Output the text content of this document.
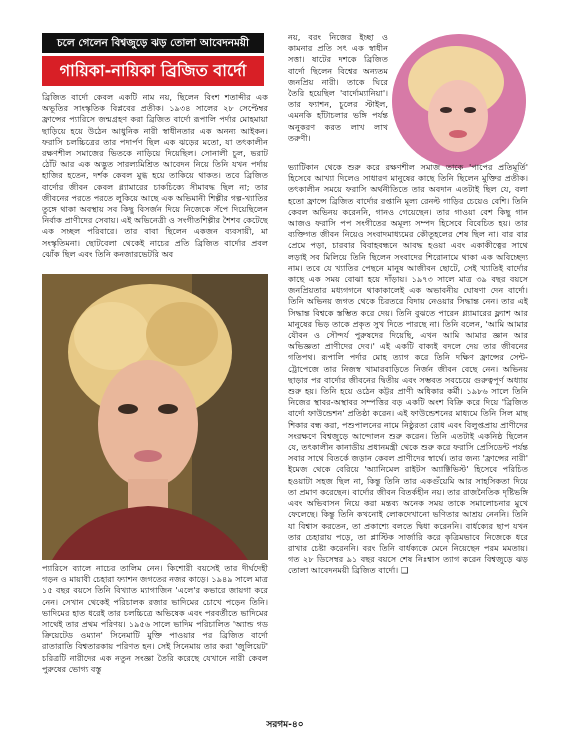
চলে গেলেন বিশ্বজুড়ে ঝড় তোলা আবেদনময়ী
গায়িকা-নায়িকা ব্রিজিত বার্দো

ব্রিজিত বার্দো কেবল একটি নাম নয়, ছিলেন বিংশ শতাব্দীর এক অভূতির সাংস্কৃতিক বিপ্লবের প্রতীক। ১৯৩৪ সালের ২৮ সেপ্টেম্বর ফ্রান্সের প্যারিসে জন্মগ্রহণ করা ব্রিজিত বার্দো রূপালি পর্দার মোহমায়া ছাড়িয়ে হয়ে উঠেন আধুনিক নারী স্বাধীনতার এক অনন্য আইকন। ফরাসি চলচ্চিত্রের তার পদার্পণ ছিল এক ঝড়ের মতো, যা তৎকালীন রক্ষণশীল সমাজের ভিতকে নাড়িয়ে দিয়েছিল। সোনালী চুল, ভরাট ঠোঁট আর এক অদ্ভুত সারল্যমিশ্রিত আবেদন নিয়ে তিনি যখন পর্দায় হাজির হতেন, দর্শক কেবল মুগ্ধ হয়ে তাকিয়ে থাকত। তবে ব্রিজিত বার্দোর জীবন কেবল গ্ল্যামারের চাকচিক্যে সীমাবদ্ধ ছিল না; তার জীবনের পরতে পরতে লুকিয়ে আছে এক অভিমানী শিল্পীর গল্প-খ্যাতির তুঙ্গে থাকা অবস্থায় সব কিছু বিসর্জন দিয়ে নিজেকে সঁপে দিয়েছিলেন নির্বাক প্রাণীদের সেবায়। এই অভিনেত্রী ও সংগীতশিল্পীর শৈশব কেটেছে এক সচ্ছল পরিবারে। তার বাবা ছিলেন একজন ব্যবসায়ী, মা সংস্কৃতিমনা। ছোটবেলা থেকেই নাচের প্রতি ব্রিজিত বার্দোর প্রবল ঝোঁক ছিল এবং তিনি কনজারভেটরি অব

প্যারিসে ব্যালে নাচের তালিম নেন। কিশোরী বয়সেই তার দীর্ঘদেহী গড়ন ও মায়াবী চেহারা ফ্যাশন জগতের নজর কাড়ে। ১৯৪৯ সালে মাত্র ১৫ বছর বয়সে তিনি বিখ্যাত ম্যাগাজিন 'এলে'র কভারে জায়গা করে নেন। সেখান থেকেই পরিচালক রজার ভাদিমের চোখে পড়েন তিনি। ভাদিমের হাত ধরেই তার চলচ্চিত্রে অভিষেক এবং পরবর্তীতে ভাদিমের সাথেই তার প্রথম পরিণয়। ১৯৫৬ সালে ভাদিম পরিচালিত 'অ্যান্ড গড ক্রিয়েটেড ওম্যান' সিনেমাটি মুক্তি পাওয়ার পর ব্রিজিত বার্দো রাতারাতি বিশ্বতারকায় পরিণত হন। সেই সিনেমায় তার করা 'জুলিয়েট' চরিত্রটি নারীদের এক নতুন সংজ্ঞা তৈরি করেছে যেখানে নারী কেবল পুরুষের ভোগ্য বস্তু

নয়, বরং নিজের ইচ্ছা ও কামনার প্রতি সৎ এক স্বাধীন সত্তা। ষাটের দশকে ব্রিজিত বার্দো ছিলেন বিশ্বের অন্যতম জনপ্রিয় নারী। তাকে ঘিরে তৈরি হয়েছিল 'বার্দোম্যানিয়া'। তার ফ্যাশন, চুলের স্টাইল, এমনকি হাঁটাচলার ভঙ্গি পর্যন্ত অনুকরণ করত লাখ লাখ তরুণী।

ভ্যাটিকান থেকে শুরু করে রক্ষণশীল সমাজ তাকে 'পাপের প্রতিমূর্তি' হিসেবে আখ্যা দিলেও সাধারণ মানুষের কাছে তিনি ছিলেন মুক্তির প্রতীক। তৎকালীন সময়ে ফরাসি অর্থনীতিতে তার অবদান এতটাই ছিল যে, বলা হতো ফ্রান্সে ব্রিজিত বার্দোর রপ্তানি মূল্য রেনল্ট গাড়ির চেয়েও বেশি। তিনি কেবল অভিনয় করেননি, গানও গেয়েছেন। তার গাওয়া বেশ কিছু গান আজও ফরাসি পপ সংগীতের অমূল্য সম্পদ হিসেবে বিবেচিত হয়। তার ব্যক্তিগত জীবন নিয়েও সংবাদমাধ্যমের কৌতূহলের শেষ ছিল না। বার বার প্রেমে পড়া, চারবার বিবাহবন্ধনে আবদ্ধ হওয়া এবং একাকীত্বের সাথে লড়াই সব মিলিয়ে তিনি ছিলেন সংবাদের শিরোনামে থাকা এক অবিচ্ছেদ্য নাম। তবে যে খ্যাতির পেছনে মানুষ আজীবন ছোটে, সেই খ্যাতিই বার্দোর কাছে এক সময় বোঝা হয়ে দাঁড়ায়। ১৯৭৩ সালে মাত্র ৩৯ বছর বয়সে জনপ্রিয়তার মধ্যগগনে থাকাকালেই এক অভাবনীয় ঘোষণা দেন বার্দো। তিনি অভিনয় জগত থেকে চিরতরে বিদায় নেওয়ার সিদ্ধান্ত নেন। তার এই সিদ্ধান্ত বিশ্বকে স্তম্ভিত করে দেয়। তিনি বুঝতে পারেন গ্ল্যামারের ফ্ল্যাশ আর মানুষের ভিড় তাকে প্রকৃত সুখ দিতে পারছে না। তিনি বলেন, 'আমি আমার যৌবন ও সৌন্দর্য পুরুষদের দিয়েছি, এখন আমি আমার জ্ঞান আর অভিজ্ঞতা প্রাণীদের দেব।' এই একটি বাক্যই বদলে দেয় তার জীবনের গতিপথ। রূপালি পর্দার মোহ ত্যাগ করে তিনি দক্ষিণ ফ্রান্সের সেন্ট-ট্রোপেজে তার নিজস্ব খামারবাড়িতে নির্জন জীবন বেছে নেন। অভিনয় ছাড়ার পর বার্দোর জীবনের দ্বিতীয় এবং সম্ভবত সবচেয়ে গুরুত্বপূর্ণ অধ্যায় শুরু হয়। তিনি হয়ে ওঠেন কট্টর প্রাণী অধিকার কর্মী। ১৯৮৬ সালে তিনি নিজের স্থাবর-অস্থাবর সম্পত্তির বড় একটি অংশ বিক্রি করে দিয়ে 'ব্রিজিত বার্দো ফাউন্ডেশন' প্রতিষ্ঠা করেন। এই ফাউন্ডেশনের মাধ্যমে তিনি সিল মাছ শিকার বন্ধ করা, পশুপালনের নামে নিষ্ঠুরতা রোধ এবং বিলুপ্তপ্রায় প্রাণীদের সংরক্ষণে বিশ্বজুড়ে আন্দোলন শুরু করেন। তিনি এতটাই একনিষ্ঠ ছিলেন যে, তৎকালীন কানাডীয় প্রধানমন্ত্রী থেকে শুরু করে ফরাসি প্রেসিডেন্ট পর্যন্ত সবার সাথে বিতর্কে জড়ান কেবল প্রাণীদের স্বার্থে। তার জন্য 'ফ্রান্সের নারী' ইমেজ থেকে বেরিয়ে 'অ্যানিমেল রাইটস অ্যাক্টিভিস্ট' হিসেবে পরিচিত হওয়াটা সহজ ছিল না, কিন্তু তিনি তার একগুঁয়েমি আর সাহসিকতা দিয়ে তা প্রমাণ করেছেন। বার্দোর জীবন বিতর্কহীন নয়। তার রাজনৈতিক দৃষ্টিভঙ্গি এবং অভিবাসন নিয়ে করা মন্তব্য অনেক সময় তাকে সমালোচনার মুখে ফেলেছে। কিন্তু তিনি কখনোই লোকদেখানো ভণিতার আশ্রয় নেননি। তিনি যা বিশ্বাস করতেন, তা প্রকাশ্যে বলতে দ্বিধা করেননি। বার্ধক্যের ছাপ যখন তার চেহারায় পড়ে, তা প্লাস্টিক সার্জারি করে কৃত্রিমভাবে নিজেকে ধরে রাখার চেষ্টা করেননি। বরং তিনি বার্ধক্যকে মেনে নিয়েছেন পরম মমতায়। গত ২৮ ডিসেম্বর ৯১ বছর বয়সে শেষ নিঃশ্বাস ত্যাগ করেন বিশ্বজুড়ে ঝড় তোলা আবেদনময়ী ব্রিজিত বার্দো। ❑

সরগম-৪০
